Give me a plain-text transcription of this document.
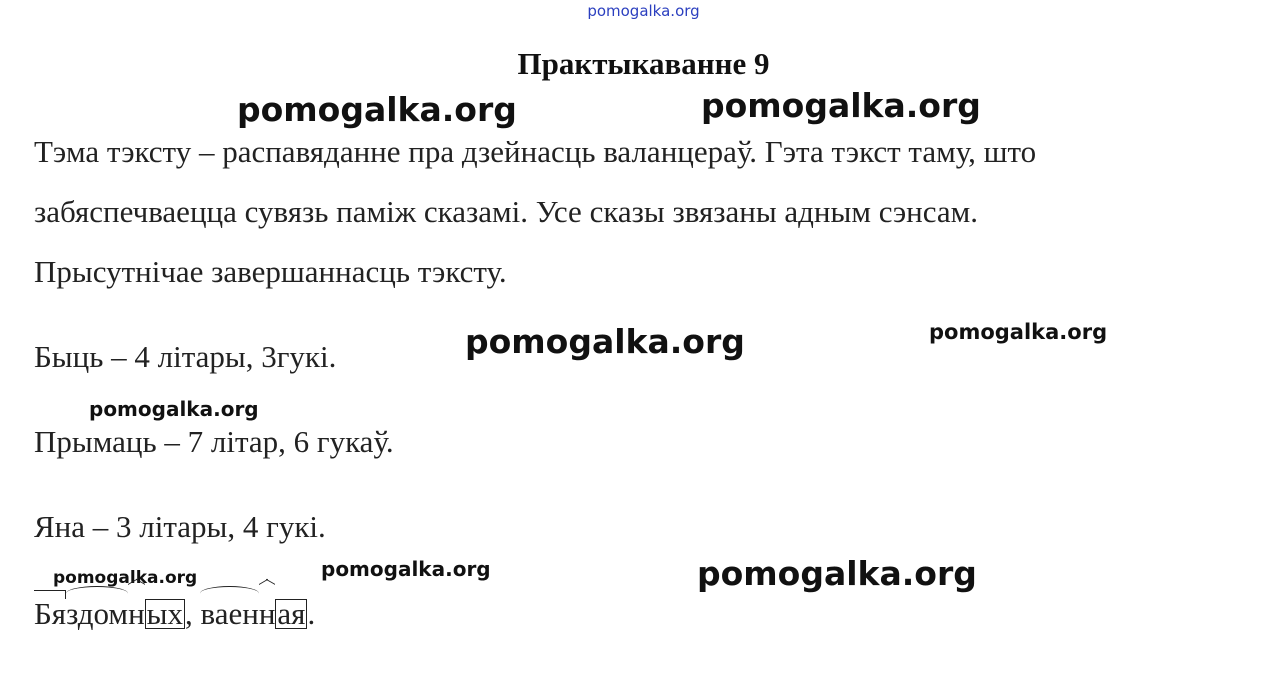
pomogalka.org
Практыкаванне 9
pomogalka.org	pomogalka.org
Тэма тэксту – распавяданне пра дзейнасць валанцераў. Гэта тэкст таму, што
забяспечваецца сувязь паміж сказамі. Усе сказы звязаны адным сэнсам.
Прысутнічае завершаннасць тэксту.
pomogalka.org	pomogalka.org
Быць – 4 літары, 3гукі.
pomogalka.org
Прымаць – 7 літар, 6 гукаў.
Яна – 3 літары, 4 гукі.
pomogalka.org	pomogalka.org	pomogalka.org
Бя
здом
ных,
ваен
ная.
